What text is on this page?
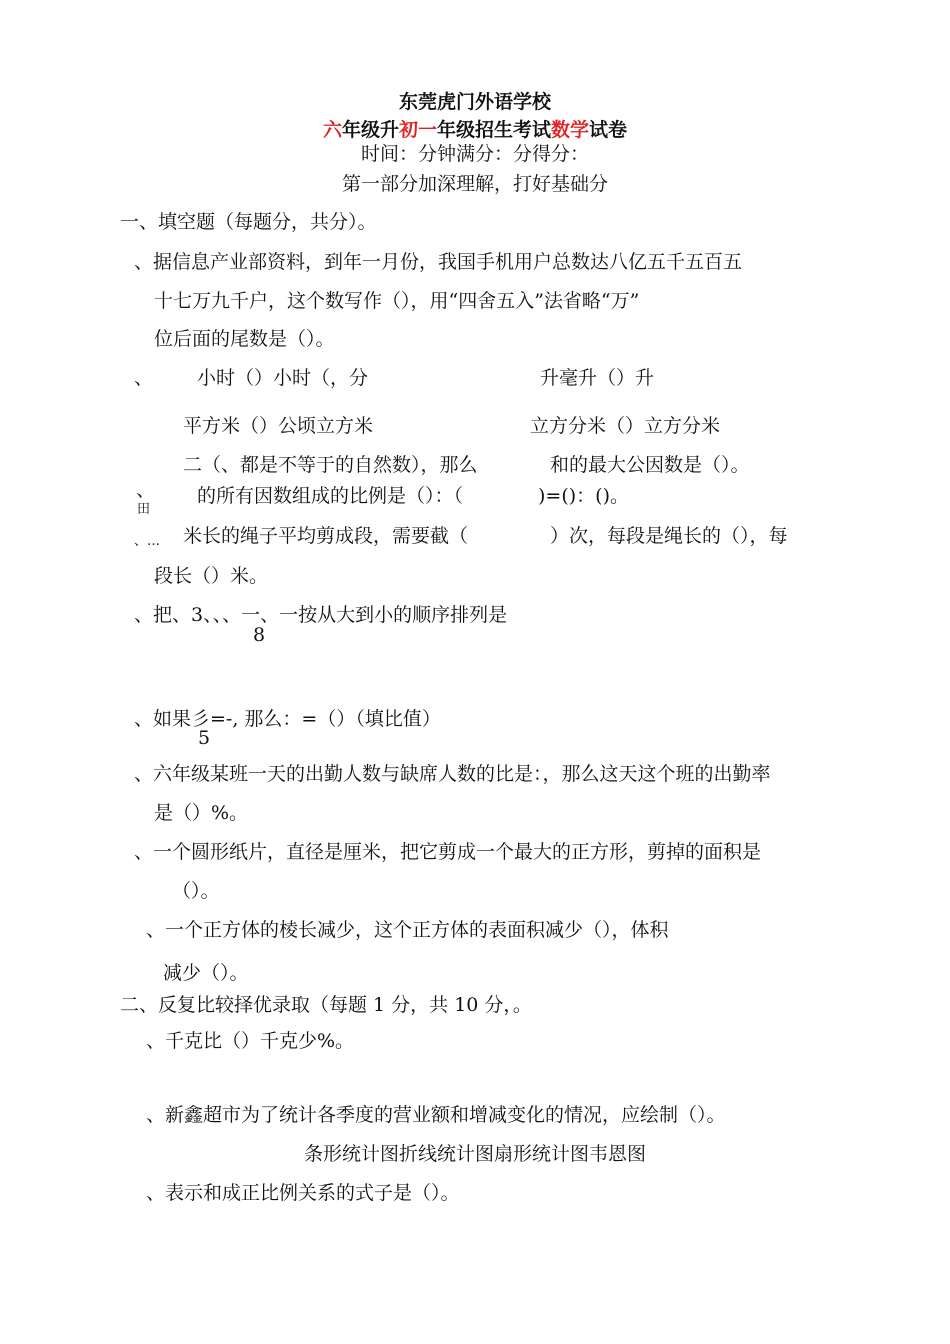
东莞虎门外语学校
六年级升初一年级招生考试数学试卷
时间：分钟满分：分得分：
第一部分加深理解，打好基础分
一、填空题（每题分，共分）。
、据信息产业部资料，到年一月份，我国手机用户总数达八亿五千五百五
十七万九千户，这个数写作（），用“四舍五入”法省略“万”
位后面的尾数是（）。
、 小时（）小时（，分	升毫升（）升
平方米（）公顷立方米	立方分米（）立方分米
二（、都是不等于的自然数），那么	和的最大公因数是（）。
、
田
的所有因数组成的比例是（）：（	)=()：()。
、… 米长的绳子平均剪成段，需要截（	）次，每段是绳长的（），每
段长（）米。
、把、3、、、一、一按从大到小的顺序排列是
8
、如果彡=-, 那么：=（）（填比值）
5
、六年级某班一天的出勤人数与缺席人数的比是：，那么这天这个班的出勤率
是（）%。
、一个圆形纸片，直径是厘米，把它剪成一个最大的正方形，剪掉的面积是
（）。
、一个正方体的棱长减少，这个正方体的表面积减少（），体积
减少（）。
二、反复比较择优录取（每题 1 分，共 10 分，。
、千克比（）千克少%。
、新鑫超市为了统计各季度的营业额和增减变化的情况，应绘制（）。
条形统计图折线统计图扇形统计图韦恩图
、表示和成正比例关系的式子是（）。
